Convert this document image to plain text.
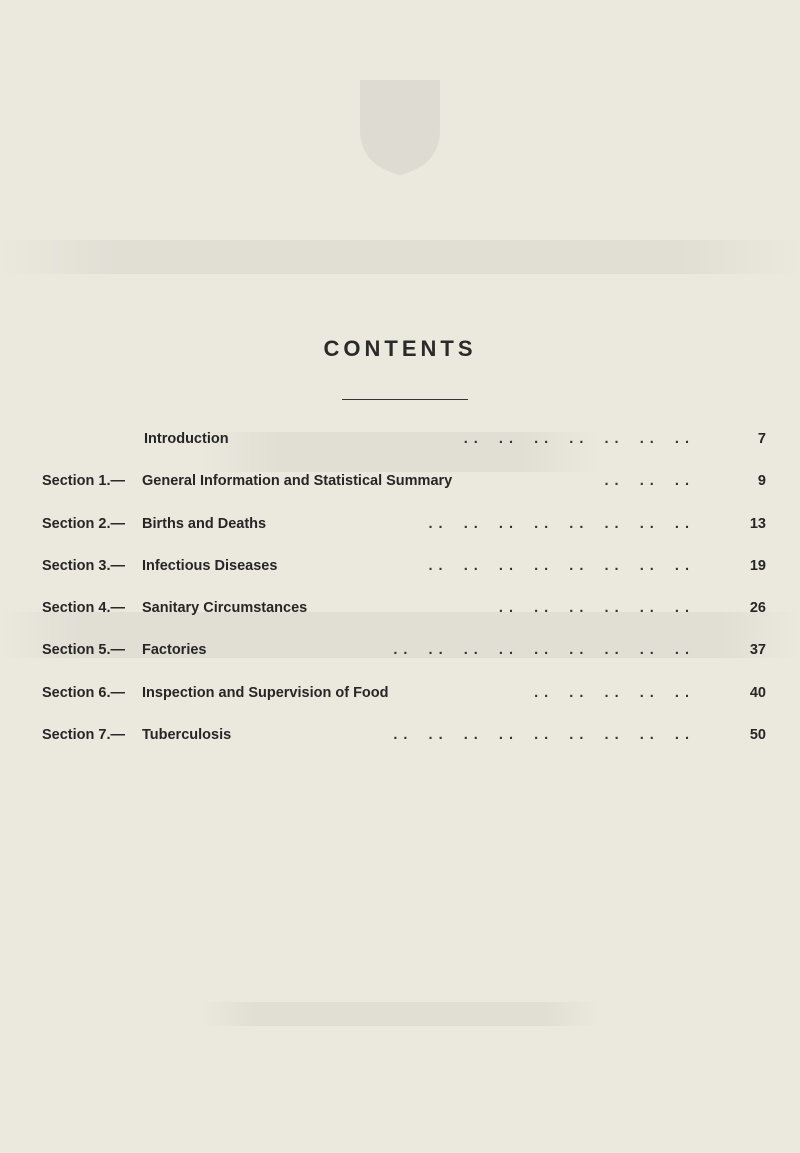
CONTENTS
Introduction	. .    . .    . .    . .    . .    . .    . .	7
Section 1.— General Information and Statistical Summary	. .    . .    . .	9
Section 2.— Births and Deaths	. .    . .    . .    . .    . .    . .    . .    . .	13
Section 3.— Infectious Diseases	. .    . .    . .    . .    . .    . .    . .    . .	19
Section 4.— Sanitary Circumstances	. .    . .    . .    . .    . .    . .	26
Section 5.— Factories	. .    . .    . .    . .    . .    . .    . .    . .    . .	37
Section 6.— Inspection and Supervision of Food	. .    . .    . .    . .    . .	40
Section 7.— Tuberculosis	. .    . .    . .    . .    . .    . .    . .    . .    . .	50
